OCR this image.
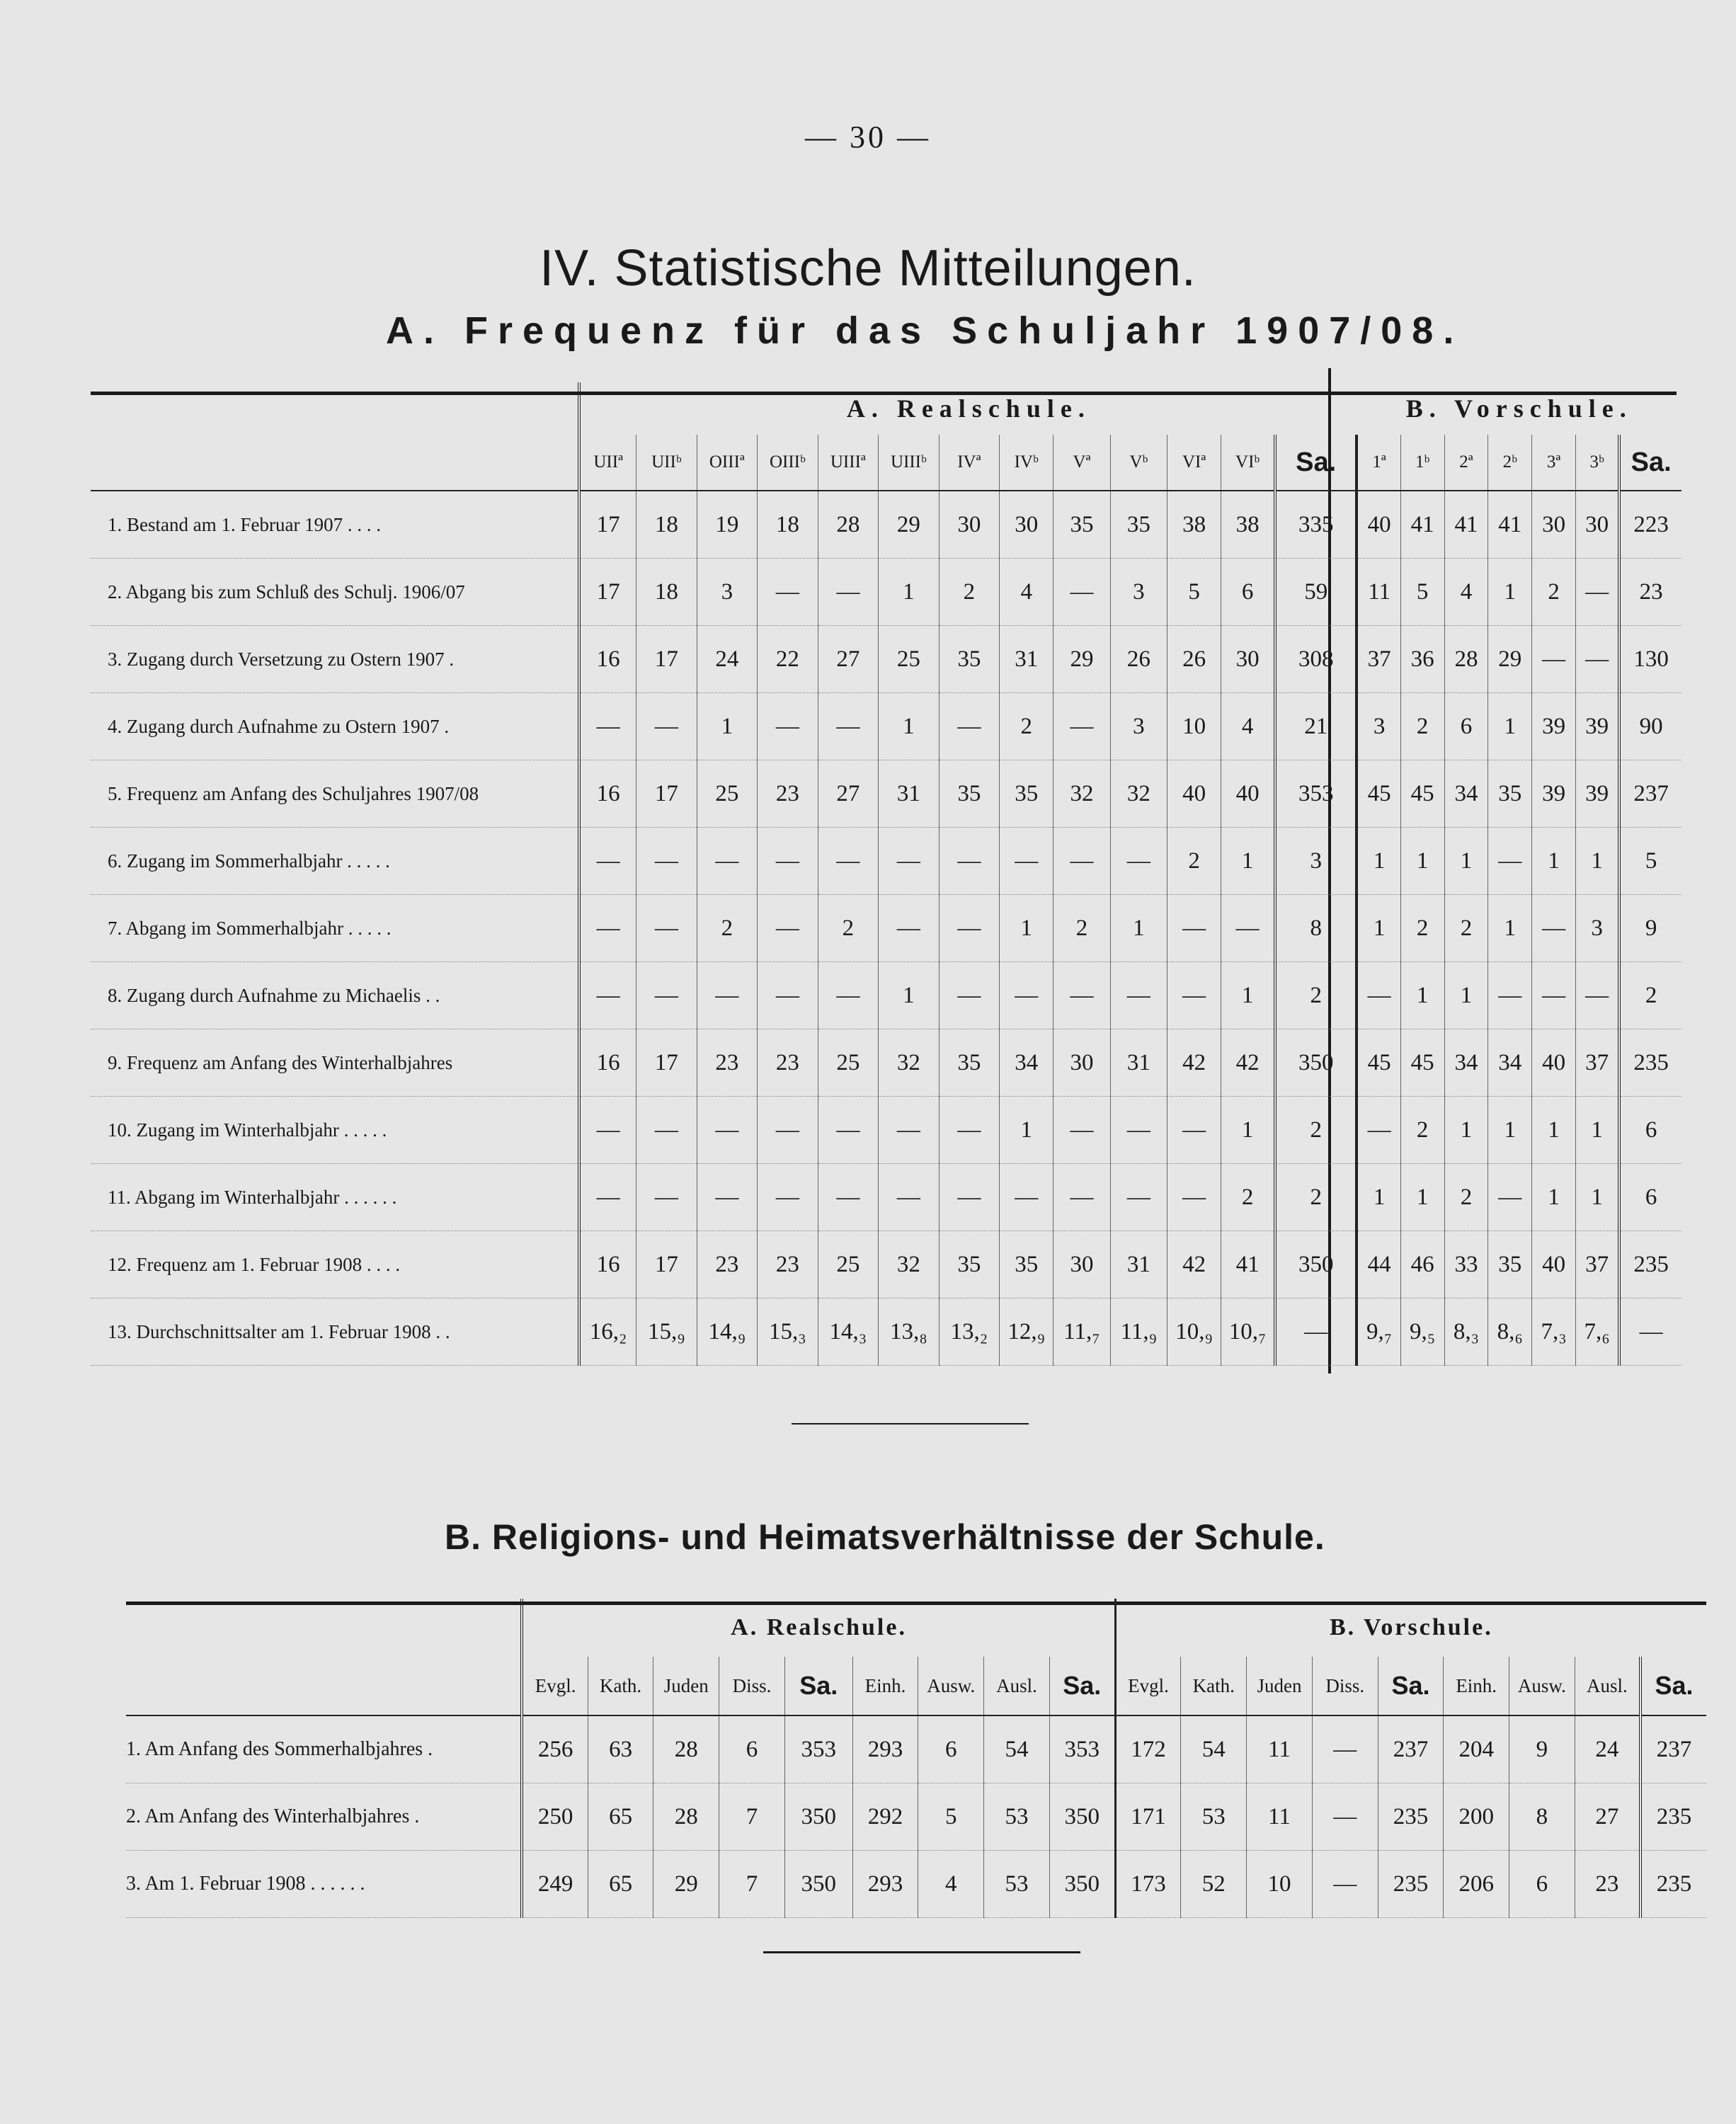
— 30 —
IV. Statistische Mitteilungen.
A. Frequenz für das Schuljahr 1907/08.
	A. Realschule.													B. Vorschule.						
	UIIª	UIIᵇ	OIIIª	OIIIᵇ	UIIIª	UIIIᵇ	IVª	IVᵇ	Vª	Vᵇ	VIª	VIᵇ	Sa.	1ª	1ᵇ	2ª	2ᵇ	3ª	3ᵇ	Sa.
1. Bestand am 1. Februar 1907 . . . .	17	18	19	18	28	29	30	30	35	35	38	38	335	40	41	41	41	30	30	223
2. Abgang bis zum Schluß des Schulj. 1906/07	17	18	3	—	—	1	2	4	—	3	5	6	59	11	5	4	1	2	—	23
3. Zugang durch Versetzung zu Ostern 1907 .	16	17	24	22	27	25	35	31	29	26	26	30	308	37	36	28	29	—	—	130
4. Zugang durch Aufnahme zu Ostern 1907 .	—	—	1	—	—	1	—	2	—	3	10	4	21	3	2	6	1	39	39	90
5. Frequenz am Anfang des Schuljahres 1907/08	16	17	25	23	27	31	35	35	32	32	40	40	353	45	45	34	35	39	39	237
6. Zugang im Sommerhalbjahr . . . . .	—	—	—	—	—	—	—	—	—	—	2	1	3	1	1	1	—	1	1	5
7. Abgang im Sommerhalbjahr . . . . .	—	—	2	—	2	—	—	1	2	1	—	—	8	1	2	2	1	—	3	9
8. Zugang durch Aufnahme zu Michaelis . .	—	—	—	—	—	1	—	—	—	—	—	1	2	—	1	1	—	—	—	2
9. Frequenz am Anfang des Winterhalbjahres	16	17	23	23	25	32	35	34	30	31	42	42	350	45	45	34	34	40	37	235
10. Zugang im Winterhalbjahr . . . . .	—	—	—	—	—	—	—	1	—	—	—	1	2	—	2	1	1	1	1	6
11. Abgang im Winterhalbjahr . . . . . .	—	—	—	—	—	—	—	—	—	—	—	2	2	1	1	2	—	1	1	6
12. Frequenz am 1. Februar 1908 . . . .	16	17	23	23	25	32	35	35	30	31	42	41	350	44	46	33	35	40	37	235
13. Durchschnittsalter am 1. Februar 1908 . .	16,₂	15,₉	14,₉	15,₃	14,₃	13,₈	13,₂	12,₉	11,₇	11,₉	10,₉	10,₇	—	9,₇	9,₅	8,₃	8,₆	7,₃	7,₆	—
B. Religions- und Heimatsverhältnisse der Schule.
	A. Realschule.									B. Vorschule.								
	Evgl.	Kath.	Juden	Diss.	Sa.	Einh.	Ausw.	Ausl.	Sa.	Evgl.	Kath.	Juden	Diss.	Sa.	Einh.	Ausw.	Ausl.	Sa.
1. Am Anfang des Sommerhalbjahres .	256	63	28	6	353	293	6	54	353	172	54	11	—	237	204	9	24	237
2. Am Anfang des Winterhalbjahres .	250	65	28	7	350	292	5	53	350	171	53	11	—	235	200	8	27	235
3. Am 1. Februar 1908 . . . . . .	249	65	29	7	350	293	4	53	350	173	52	10	—	235	206	6	23	235
